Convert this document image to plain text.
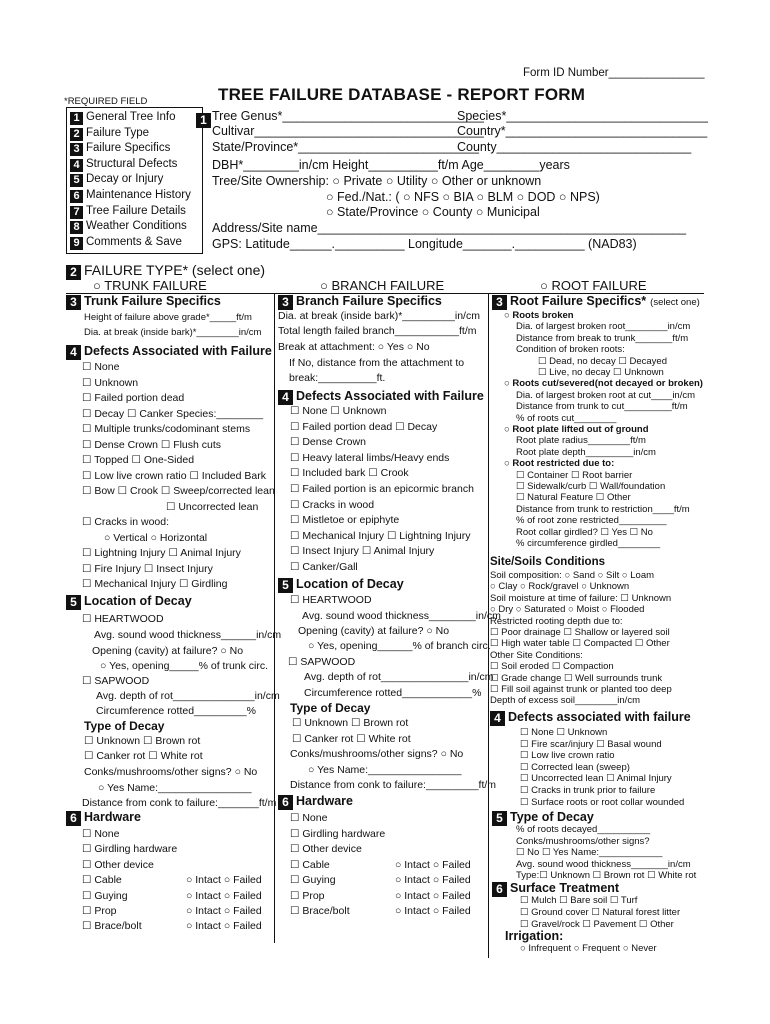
Form ID Number_______________
*REQUIRED FIELD	TREE FAILURE DATABASE - REPORT FORM
1 General Tree Info
2 Failure Type
3 Failure Specifics
4 Structural Defects
5 Decay or Injury
6 Maintenance History
7 Tree Failure Details
8 Weather Conditions
9 Comments & Save
1 Tree Genus*_____________________________
Species*_____________________________
Cultivar_________________________________
Country*_____________________________
State/Province*__________________________
County____________________________
DBH*________in/cm Height__________ft/m Age________years
Tree/Site Ownership: ○ Private ○ Utility ○ Other or unknown
○ Fed./Nat.: ( ○ NFS ○ BIA ○ BLM ○ DOD ○ NPS)
○ State/Province ○ County ○ Municipal
Address/Site name_____________________________________________________
GPS: Latitude______.__________ Longitude_______.__________ (NAD83)
2 FAILURE TYPE* (select one)
○ TRUNK FAILURE	○ BRANCH FAILURE	○ ROOT FAILURE
3 Trunk Failure Specifics
Height of failure above grade*_____ft/m
Dia. at break (inside bark)*________in/cm
4 Defects Associated with Failure
☐ None
☐ Unknown
☐ Failed portion dead
☐ Decay ☐ Canker Species:________
☐ Multiple trunks/codominant stems
☐ Dense Crown ☐ Flush cuts
☐ Topped ☐ One-Sided
☐ Low live crown ratio ☐ Included Bark
☐ Bow ☐ Crook ☐ Sweep/corrected lean
☐ Uncorrected lean
☐ Cracks in wood:
○ Vertical ○ Horizontal
☐ Lightning Injury ☐ Animal Injury
☐ Fire Injury ☐ Insect Injury
☐ Mechanical Injury ☐ Girdling
5 Location of Decay
☐ HEARTWOOD
Avg. sound wood thickness______in/cm
Opening (cavity) at failure? ○ No
○ Yes, opening_____% of trunk circ.
☐ SAPWOOD
Avg. depth of rot______________in/cm
Circumference rotted_________%
Type of Decay
☐ Unknown ☐ Brown rot
☐ Canker rot ☐ White rot
Conks/mushrooms/other signs? ○ No
○ Yes Name:________________
Distance from conk to failure:_______ft/m
6 Hardware
☐ None
☐ Girdling hardware
☐ Other device
☐ Cable	○ Intact ○ Failed
☐ Guying	○ Intact ○ Failed
☐ Prop	○ Intact ○ Failed
☐ Brace/bolt	○ Intact ○ Failed
3 Branch Failure Specifics
Dia. at break (inside bark)*_________in/cm
Total length failed branch___________ft/m
Break at attachment: ○ Yes ○ No
If No, distance from the attachment to
break:__________ft.
4 Defects Associated with Failure
☐ None ☐ Unknown
☐ Failed portion dead ☐ Decay
☐ Dense Crown
☐ Heavy lateral limbs/Heavy ends
☐ Included bark ☐ Crook
☐ Failed portion is an epicormic branch
☐ Cracks in wood
☐ Mistletoe or epiphyte
☐ Mechanical Injury ☐ Lightning Injury
☐ Insect Injury ☐ Animal Injury
☐ Canker/Gall
5 Location of Decay
☐ HEARTWOOD
Avg. sound wood thickness________in/cm
Opening (cavity) at failure? ○ No
○ Yes, opening______% of branch circ.
☐ SAPWOOD
Avg. depth of rot_______________in/cm
Circumference rotted____________%
Type of Decay
☐ Unknown ☐ Brown rot
☐ Canker rot ☐ White rot
Conks/mushrooms/other signs? ○ No
○ Yes Name:________________
Distance from conk to failure:_________ft/m
6 Hardware
☐ None
☐ Girdling hardware
☐ Other device
☐ Cable	○ Intact ○ Failed
☐ Guying	○ Intact ○ Failed
☐ Prop	○ Intact ○ Failed
☐ Brace/bolt	○ Intact ○ Failed
3 Root Failure Specifics* (select one)
○ Roots broken
Dia. of largest broken root________in/cm
Distance from break to trunk_______ft/m
Condition of broken roots:
☐ Dead, no decay ☐ Decayed
☐ Live, no decay ☐ Unknown
○ Roots cut/severed(not decayed or broken)
Dia. of largest broken root at cut____in/cm
Distance from trunk to cut_________ft/m
% of roots cut________
○ Root plate lifted out of ground
Root plate radius________ft/m
Root plate depth_________in/cm
○ Root restricted due to:
☐ Container ☐ Root barrier
☐ Sidewalk/curb ☐ Wall/foundation
☐ Natural Feature ☐ Other
Distance from trunk to restriction____ft/m
% of root zone restricted_________
Root collar girdled? ☐ Yes ☐ No
% circumference girdled________
Site/Soils Conditions
Soil composition: ○ Sand ○ Silt ○ Loam
○ Clay ○ Rock/gravel ○ Unknown
Soil moisture at time of failure: ☐ Unknown
○ Dry ○ Saturated ○ Moist ○ Flooded
Restricted rooting depth due to:
☐ Poor drainage ☐ Shallow or layered soil
☐ High water table ☐ Compacted ☐ Other
Other Site Conditions:
☐ Soil eroded ☐ Compaction
☐ Grade change ☐ Well surrounds trunk
☐ Fill soil against trunk or planted too deep
Depth of excess soil________in/cm
4 Defects associated with failure
☐ None ☐ Unknown
☐ Fire scar/injury ☐ Basal wound
☐ Low live crown ratio
☐ Corrected lean (sweep)
☐ Uncorrected lean ☐ Animal Injury
☐ Cracks in trunk prior to failure
☐ Surface roots or root collar wounded
5 Type of Decay
% of roots decayed__________
Conks/mushrooms/other signs?
☐ No ☐ Yes Name:____________
Avg. sound wood thickness_______in/cm
Type:☐ Unknown ☐ Brown rot ☐ White rot
6 Surface Treatment
☐ Mulch ☐ Bare soil ☐ Turf
☐ Ground cover ☐ Natural forest litter
☐ Gravel/rock ☐ Pavement ☐ Other
Irrigation:
○ Infrequent ○ Frequent ○ Never
